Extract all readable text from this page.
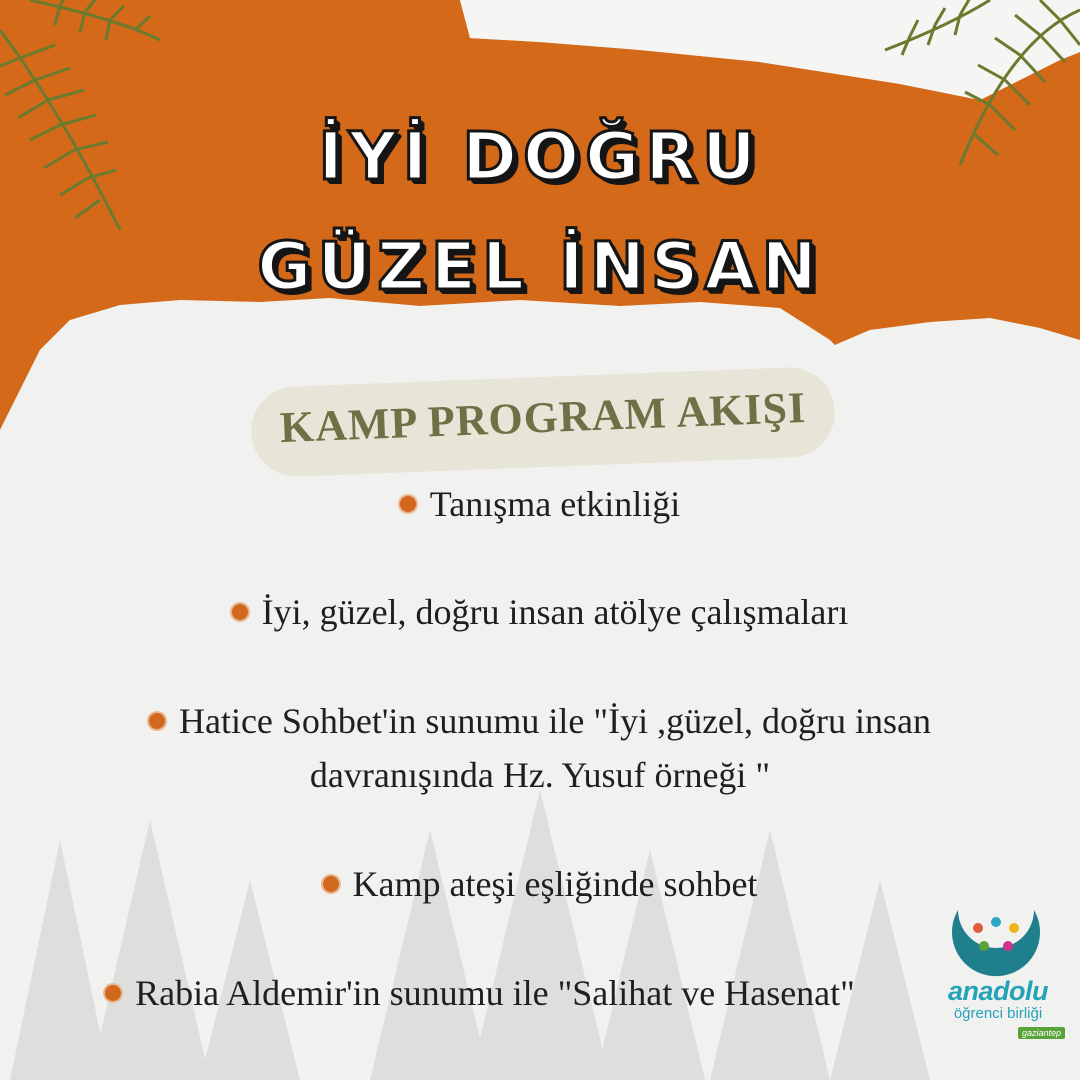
İYİ DOĞRU
GÜZEL İNSAN
KAMP PROGRAM AKIŞI
Tanışma etkinliği
İyi, güzel, doğru insan atölye çalışmaları
Hatice Sohbet'in sunumu ile "İyi ,güzel, doğru insan
davranışında Hz. Yusuf örneği "
Kamp ateşi eşliğinde sohbet
Rabia Aldemir'in sunumu ile "Salihat ve Hasenat"	anadolu
öğrenci birliği
gaziantep
